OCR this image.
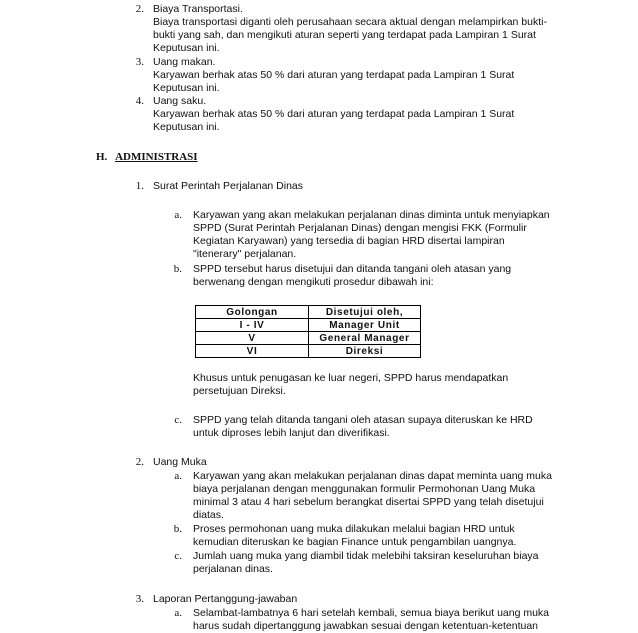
2. Biaya Transportasi.
Biaya transportasi diganti oleh perusahaan secara aktual dengan melampirkan bukti-
bukti yang sah, dan mengikuti aturan seperti yang terdapat pada Lampiran 1 Surat
Keputusan ini.
3. Uang makan.
Karyawan berhak atas 50 % dari aturan yang terdapat pada Lampiran 1 Surat
Keputusan ini.
4. Uang saku.
Karyawan berhak atas 50 % dari aturan yang terdapat pada Lampiran 1 Surat
Keputusan ini.
H. ADMINISTRASI
1. Surat Perintah Perjalanan Dinas
a. Karyawan yang akan melakukan perjalanan dinas diminta untuk menyiapkan
SPPD (Surat Perintah Perjalanan Dinas) dengan mengisi FKK (Formulir
Kegiatan Karyawan) yang tersedia di bagian HRD disertai lampiran
"itenerary" perjalanan.
b. SPPD tersebut harus disetujui dan ditanda tangani oleh atasan yang
berwenang dengan mengikuti prosedur dibawah ini:
Golongan	Disetujui oleh,
I - IV	Manager Unit
V	General Manager
VI	Direksi
Khusus untuk penugasan ke luar negeri, SPPD harus mendapatkan
persetujuan Direksi.
c. SPPD yang telah ditanda tangani oleh atasan supaya diteruskan ke HRD
untuk diproses lebih lanjut dan diverifikasi.
2. Uang Muka
a. Karyawan yang akan melakukan perjalanan dinas dapat meminta uang muka
biaya perjalanan dengan menggunakan formulir Permohonan Uang Muka
minimal 3 atau 4 hari sebelum berangkat disertai SPPD yang telah disetujui
diatas.
b. Proses permohonan uang muka dilakukan melalui bagian HRD untuk
kemudian diteruskan ke bagian Finance untuk pengambilan uangnya.
c. Jumlah uang muka yang diambil tidak melebihi taksiran keseluruhan biaya
perjalanan dinas.
3. Laporan Pertanggung-jawaban
a. Selambat-lambatnya 6 hari setelah kembali, semua biaya berikut uang muka
harus sudah dipertanggung jawabkan sesuai dengan ketentuan-ketentuan
